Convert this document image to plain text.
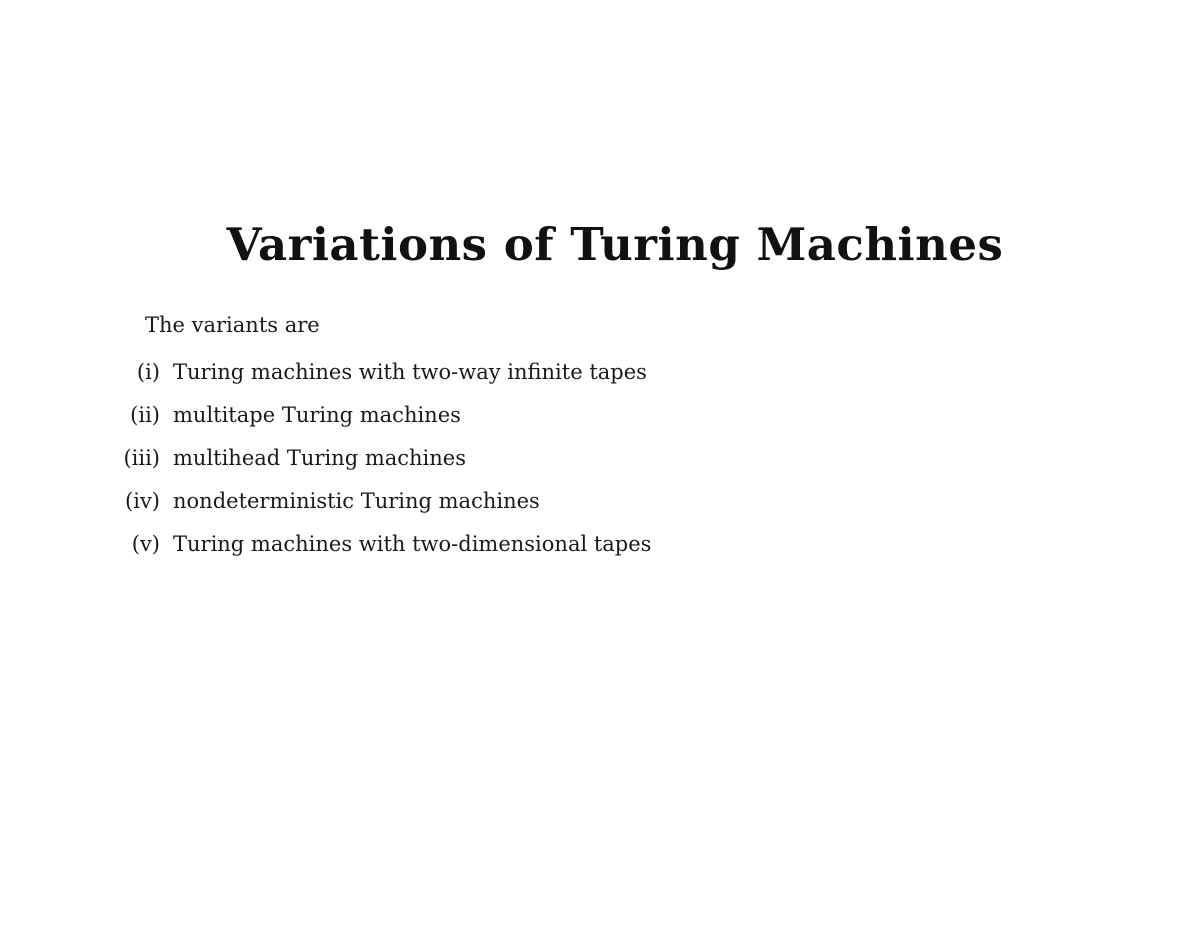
Variations of Turing Machines

The variants are

(i) Turing machines with two-way infinite tapes
(ii) multitape Turing machines
(iii) multihead Turing machines
(iv) nondeterministic Turing machines
(v) Turing machines with two-dimensional tapes
